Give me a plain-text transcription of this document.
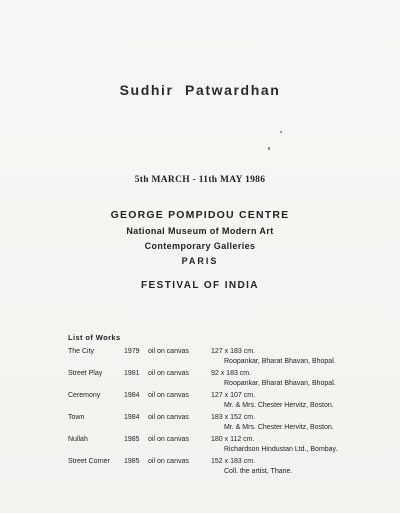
Sudhir Patwardhan
5th MARCH - 11th MAY 1986
GEORGE POMPIDOU CENTRE
National Museum of Modern Art
Contemporary Galleries
PARIS
FESTIVAL OF INDIA
List of Works
The City	1979 oil on canvas	127 x 183 cm.
Roopankar, Bharat Bhavan, Bhopal.
Street Play	1981 oil on canvas	92 x 183 cm.
Roopankar, Bharat Bhavan, Bhopal.
Ceremony	1984 oil on canvas	127 x 107 cm.
Mr. & Mrs. Chester Hervitz, Boston.
Town	1984 oil on canvas	183 x 152 cm.
Mr. & Mrs. Chester Hervitz, Boston.
Nullah	1985 oil on canvas	180 x 112 cm.
Richardson Hindustan Ltd., Bombay.
Street Corner 1985 oil on canvas	152 x 183 cm.
Coll. the artist, Thane.
